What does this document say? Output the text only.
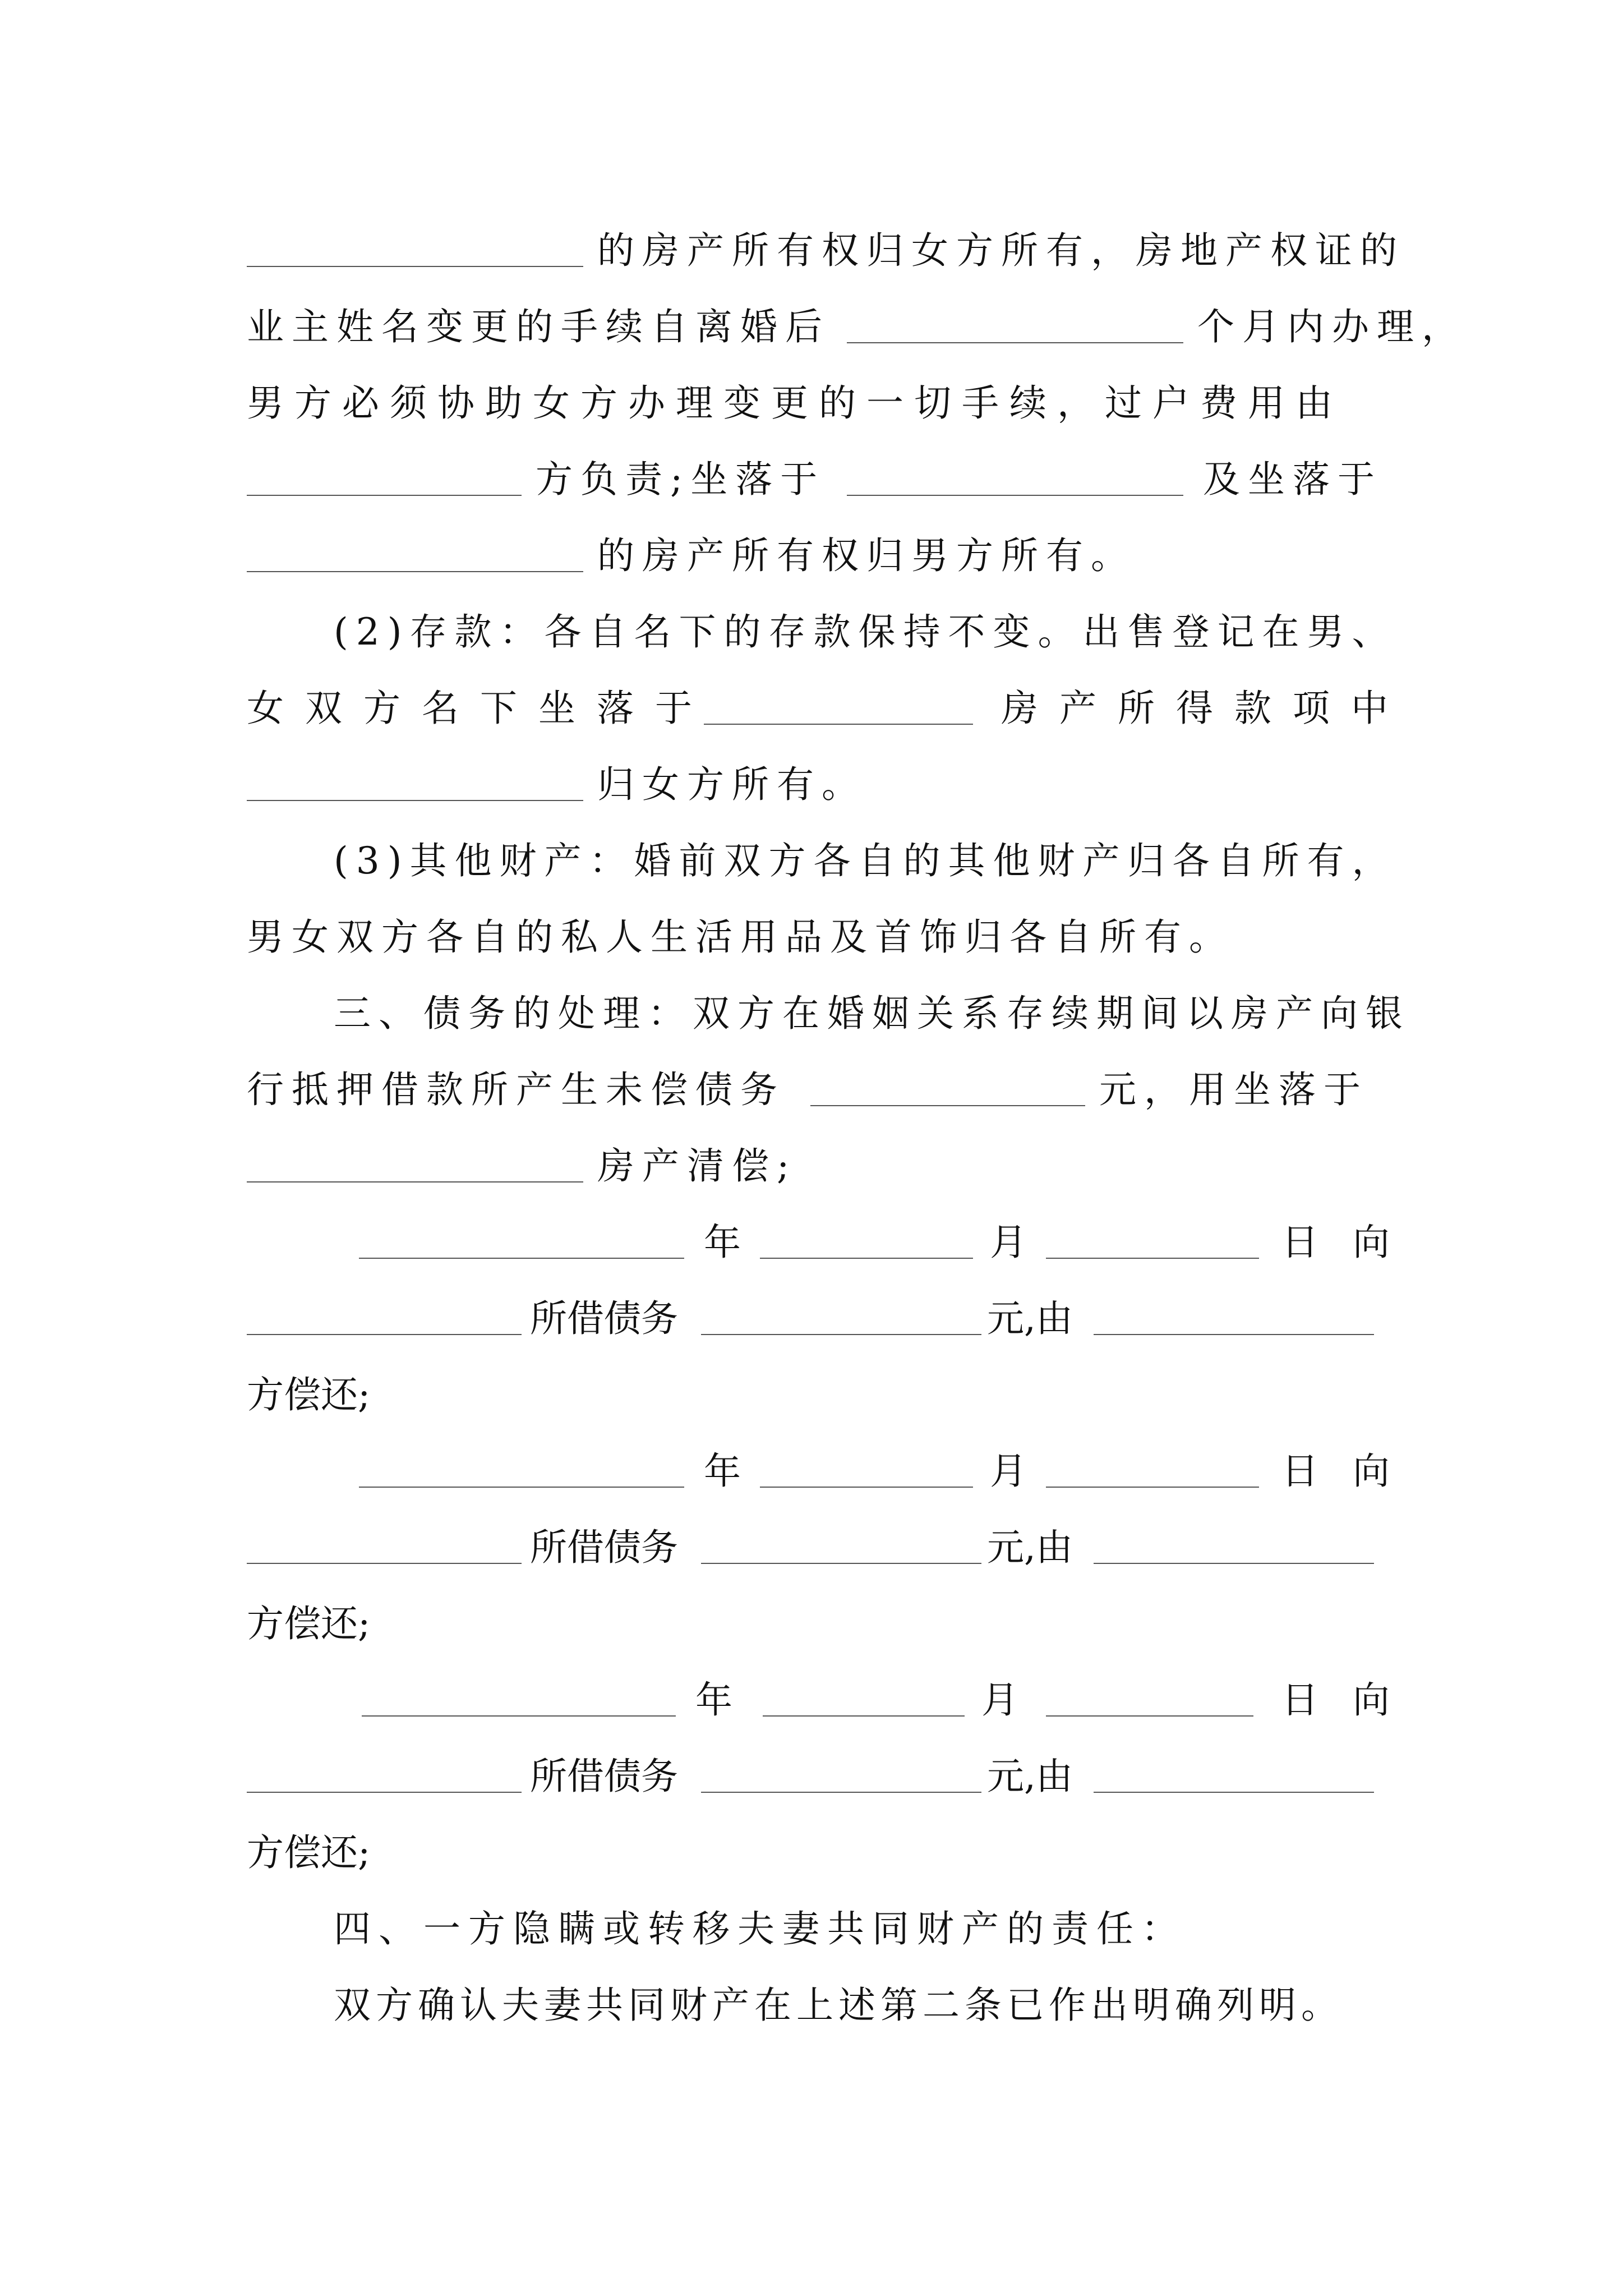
的房产所有权归女方所有，房地产权证的
业主姓名变更的手续自离婚后	个月内办理，
男方必须协助女方办理变更的一切手续，过户费用由
方负责;坐落于	及坐落于
的房产所有权归男方所有。
(2)存款：各自名下的存款保持不变。出售登记在男、
女双方名下坐落于	房产所得款项中
归女方所有。
(3)其他财产：婚前双方各自的其他财产归各自所有，
男女双方各自的私人生活用品及首饰归各自所有。
三、债务的处理：双方在婚姻关系存续期间以房产向银
行抵押借款所产生未偿债务	元，用坐落于
房产清偿;
年	月	日 向
所借债务	元,由
方偿还;
年	月	日 向
所借债务	元,由
方偿还;
年	月	日 向
所借债务	元,由
方偿还;
四、一方隐瞒或转移夫妻共同财产的责任：
双方确认夫妻共同财产在上述第二条已作出明确列明。
